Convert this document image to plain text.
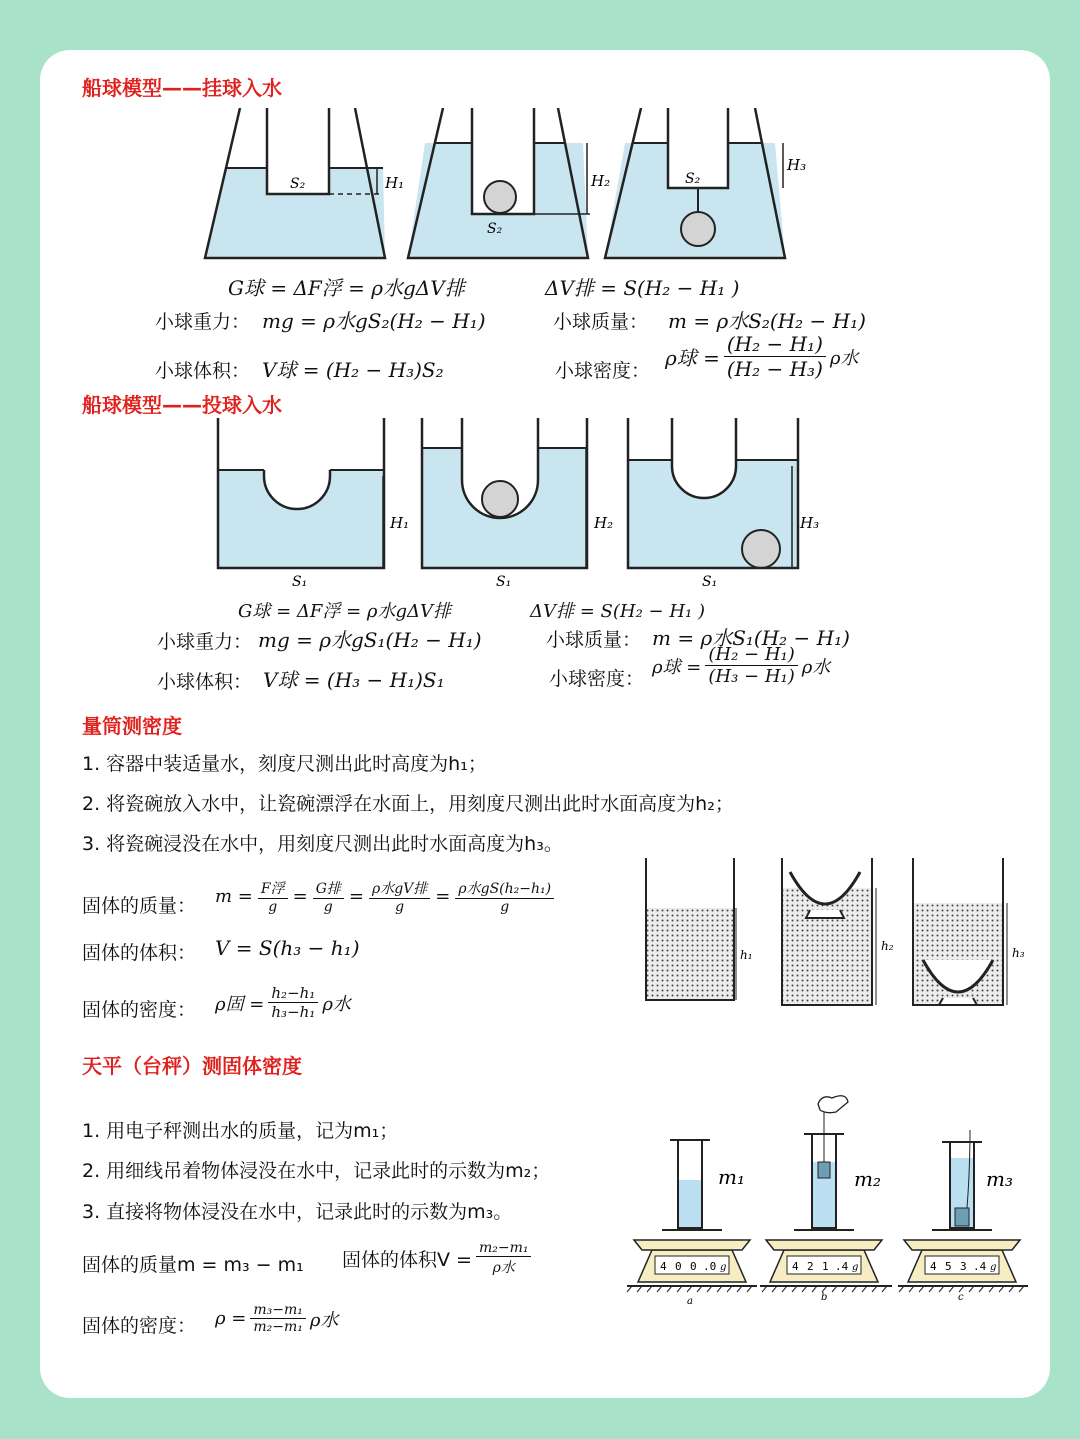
船球模型——挂球入水
S₂	H₁	H₂
S₂
S₂
H₃
G球 = ΔF浮 = ρ水gΔV排	ΔV排 = S(H₂ − H₁ )
小球重力： mg = ρ水gS₂(H₂ − H₁)	小球质量： m = ρ水S₂(H₂ − H₁)
小球体积： V球 = (H₂ − H₃)S₂	小球密度：
ρ球 = $\frac{\text{(H₂ − H₁)}}{\text{(H₂ − H₃)}}$ ρ水
船球模型——投球入水
H₁
S₁
H₂
S₁
H₃
S₁
G球 = ΔF浮 = ρ水gΔV排	ΔV排 = S(H₂ − H₁ )
小球重力： mg = ρ水gS₁(H₂ − H₁)	小球质量： m = ρ水S₁(H₂ − H₁)
小球体积： V球 = (H₃ − H₁)S₁	小球密度：
ρ球 = $\frac{\text{(H₂ − H₁)}}{\text{(H₃ − H₁)}}$ ρ水
量筒测密度
1. 容器中装适量水，刻度尺测出此时高度为h₁；
2. 将瓷碗放入水中，让瓷碗漂浮在水面上，用刻度尺测出此时水面高度为h₂；
3. 将瓷碗浸没在水中，用刻度尺测出此时水面高度为h₃。
固体的质量： $m = \frac{\text{F浮}}{g} = \frac{\text{G排}}{g} = \frac{\text{ρ水gV排}}{g} = \frac{\text{ρ水gS(h₂−h₁)}}{g}$
固体的体积： V = S(h₃ − h₁)
固体的密度： ρ固 = $\frac{\text{h₂−h₁}}{\text{h₃−h₁}}$ ρ水
h₁
h₂	h₃
天平（台秤）测固体密度
1. 用电子秤测出水的质量，记为m₁；
2. 用细线吊着物体浸没在水中，记录此时的示数为m₂；
3. 直接将物体浸没在水中，记录此时的示数为m₃。
固体的质量m = m₃ − m₁ 固体的体积$V = \frac{\text{m₂−m₁}}{\text{ρ水}}$
固体的密度： $\rho = \frac{\text{m₃−m₁}}{\text{m₂−m₁}}$ ρ水
m₁
4 0 0 .0 g
a
m₂
4 2 1 .4 g
b
m₃
4 5 3 .4 g
c
